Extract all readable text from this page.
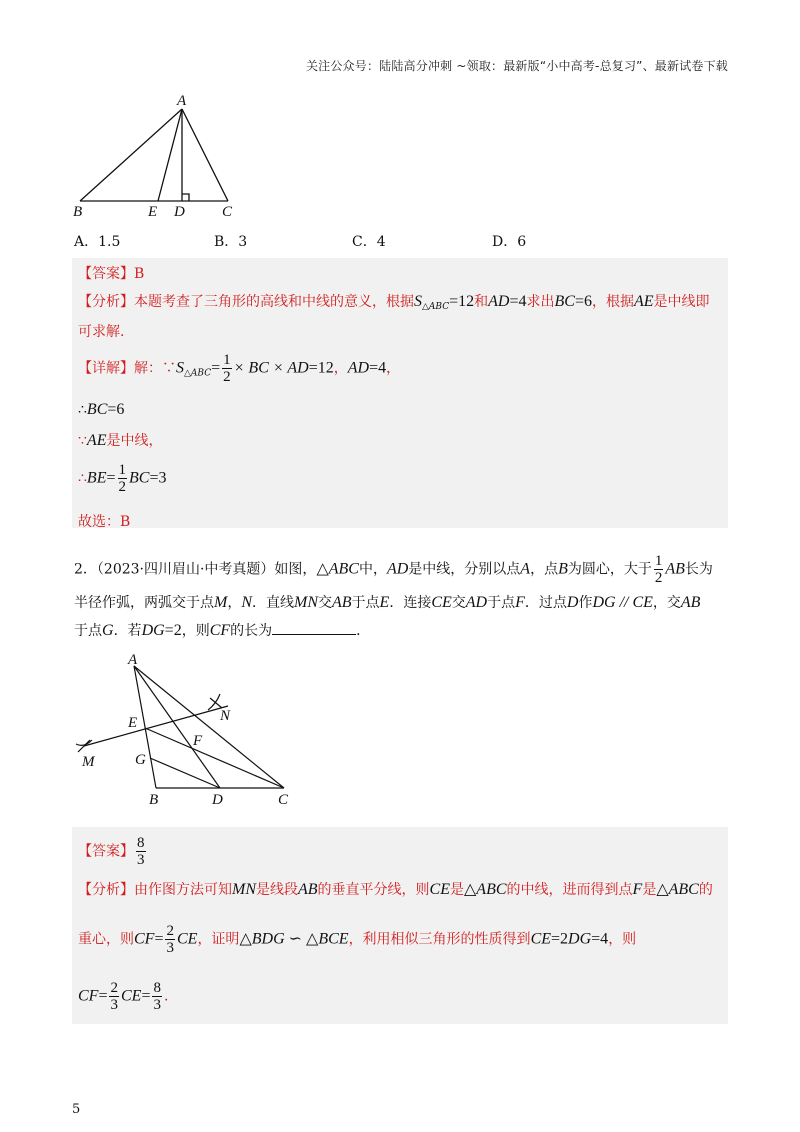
关注公众号：陆陆高分冲刺 ~领取：最新版“小中高考-总复习”、最新试卷下载
A
B	E D C
A．1.5	B．3	C．4	D．6
【答案】B
【分析】本题考查了三角形的高线和中线的意义，根据$S_{\triangle ABC}=12$和AD=4求出BC=6，根据AE是中线即
可求解.
【详解】解：$\because S_{\triangle ABC}= \frac{1}{2}$ × BC × AD=12，AD=4，
∴BC=6
∵AE是中线，
∴BE= $\frac{1}{2} BC=3$
故选：B
2．（2023·四川眉山·中考真题）如图，△ABC中，AD是中线，分别以点A，点B为圆心，大于 $\frac{1}{2}$ AB长为
半径作弧，两弧交于点M，N．直线MN交AB于点E．连接CE交AD于点F．过点D作DG // CE，交AB
于点G．若DG=2，则CF的长为	．
A
E	N
F
M	G
B	D	C
【答案】 $\frac{8}{3}$
【分析】由作图方法可知MN是线段AB的垂直平分线，则CE是△ABC的中线，进而得到点F是△ABC的
重心，则$CF= \frac{2}{3}$ CE，证明△BDG ∽ △BCE，利用相似三角形的性质得到CE=2DG=4，则
$CF= \frac{2}{3} CE= \frac{8}{3}$ .
5
